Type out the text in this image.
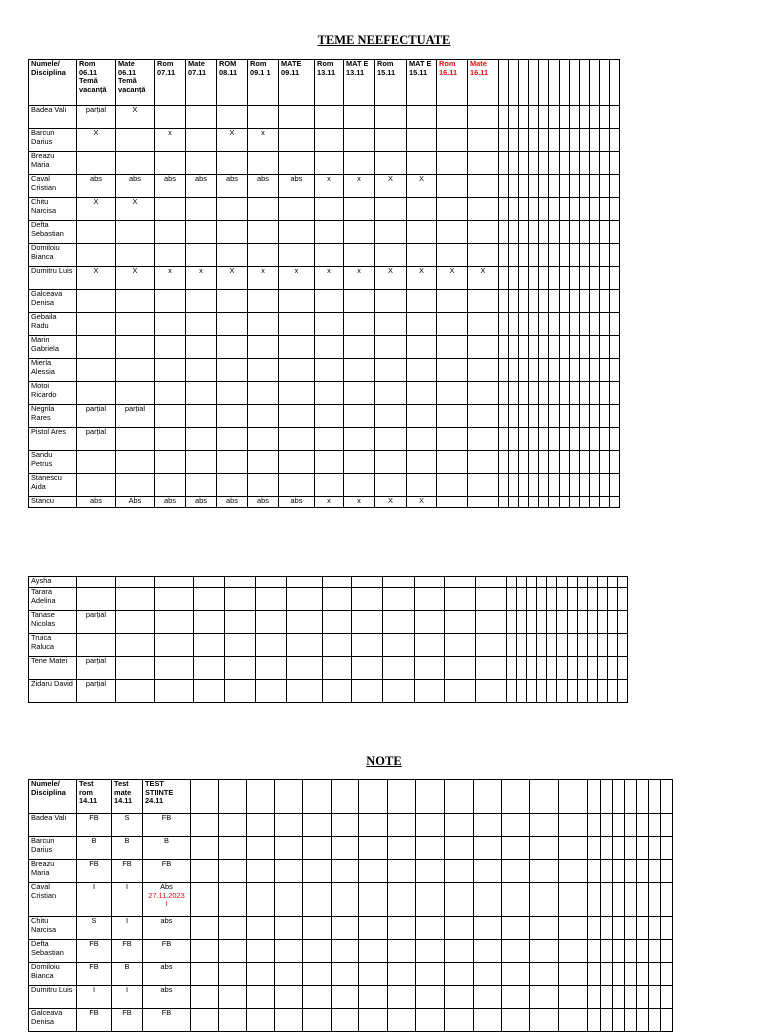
TEME NEEFECTUATE
Numele/ Disciplina	Rom 06.11 Temă vacanță	Mate 06.11 Temă vacanță	Rom 07.11	Mate 07.11	ROM 08.11	Rom 09.1 1	MATE 09.11	Rom 13.11	MAT E 13.11	Rom 15.11	MAT E 15.11	Rom 16.11	Mate 16.11												
Badea Vali	parțial	X																							
Barcun Darius	X		x		X	x																			
Breazu Maria																									
Caval Cristian	abs	abs	abs	abs	abs	abs	abs	x	x	X	X														
Chitu Narcisa	X	X																							
Defta Sebastian																									
Domiloiu Bianca																									
Dumitru Luis	X	X	x	x	X	x	x	x	x	X	X	X	X												
Galceava Denisa																									
Gebaila Radu																									
Marin Gabriela																									
Mierla Alessia																									
Motoi Ricardo																									
Negrila Rares	parțial	parțial																							
Pistol Ares	parțial																								
Sandu Petrus																									
Stanescu Aida																									
Stancu	abs	Abs	abs	abs	abs	abs	abs	x	x	X	X														
Aysha																									
Tarara Adelina																									
Tanase Nicolas	parțial																								
Truica Raluca																									
Tene Matei	parțial																								
Zidaru David	parțial																								
NOTE
Numele/ Disciplina	Test rom 14.11	Test mate 14.11	TEST STIINTE 24.11																					
Badea Vali	FB	S	FB																					
Barcun Darius	B	B	B																					
Breazu Maria	FB	FB	FB																					
Caval Cristian	I	I	Abs
27.11.2023
I																					

Chitu Narcisa	S	I	abs																					
Defta Sebastian	FB	FB	FB																					
Domiloiu Bianca	FB	B	abs																					
Dumitru Luis	I	I	abs																					
Galceava Denisa	FB	FB	FB																					
